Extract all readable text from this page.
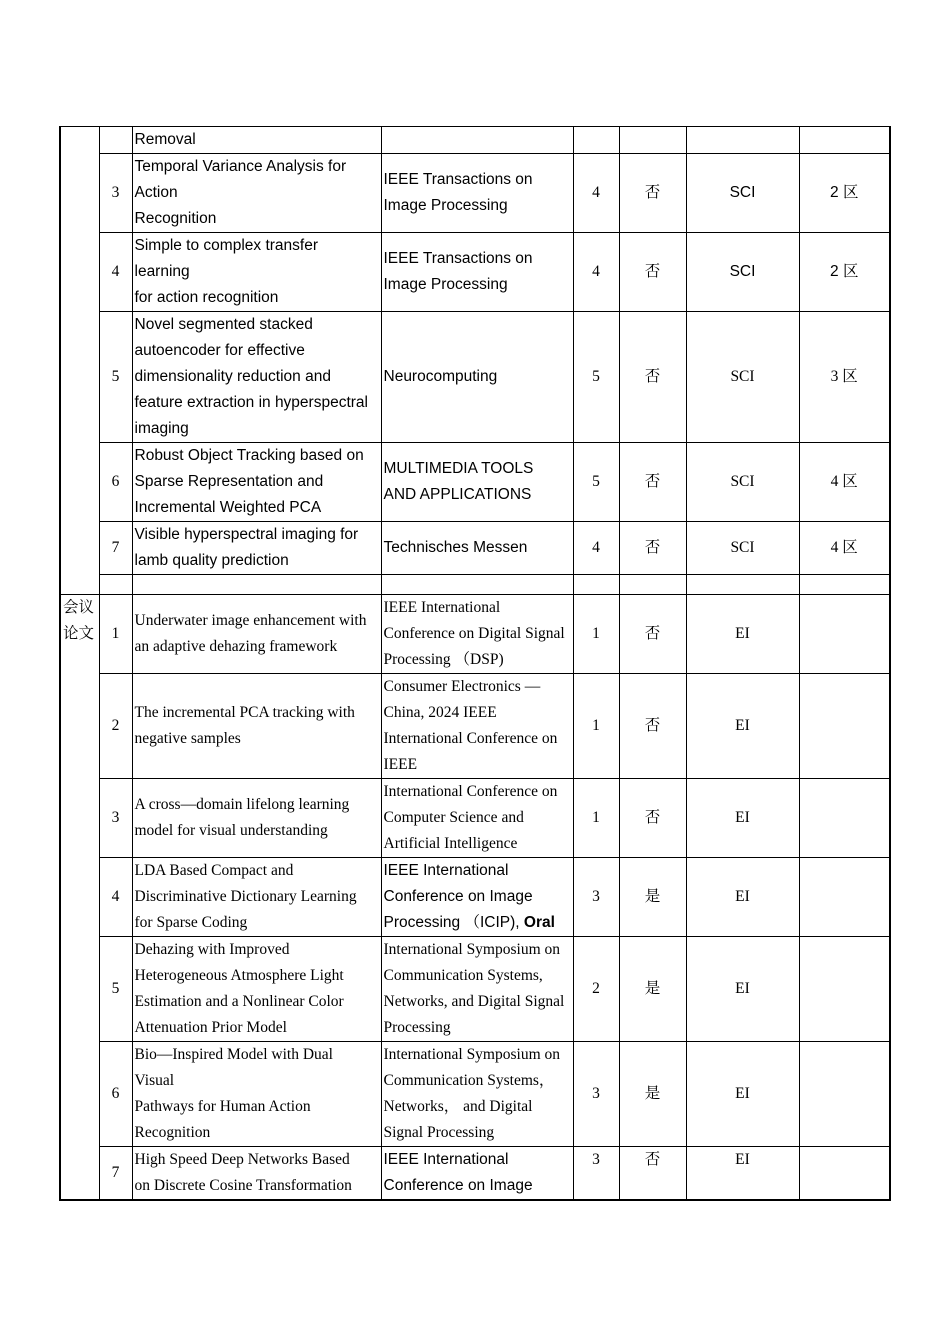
		Removal					
	3	Temporal Variance Analysis for
Action
Recognition	IEEE Transactions on
Image Processing	4	否	SCI	2 区
	4	Simple to complex transfer
learning
for action recognition	IEEE Transactions on
Image Processing	4	否	SCI	2 区
	5	Novel segmented stacked
autoencoder for effective
dimensionality reduction and
feature extraction in hyperspectral
imaging	Neurocomputing	5	否	SCI	3 区
	6	Robust Object Tracking based on
Sparse Representation and
Incremental Weighted PCA	MULTIMEDIA TOOLS
AND APPLICATIONS	5	否	SCI	4 区
	7	Visible hyperspectral imaging for
lamb quality prediction	Technisches Messen	4	否	SCI	4 区

会议
论文	1	Underwater image enhancement with
an adaptive dehazing framework	IEEE International
Conference on Digital Signal
Processing （DSP)	1	否	EI	
	2	The incremental PCA tracking with
negative samples	Consumer Electronics —
China, 2024 IEEE
International Conference on
IEEE	1	否	EI	
	3	A cross—domain lifelong learning
model for visual understanding	International Conference on
Computer Science and
Artificial Intelligence	1	否	EI	
	4	LDA Based Compact and
Discriminative Dictionary Learning
for Sparse Coding	IEEE International
Conference on Image
Processing （ICIP), Oral	3	是	EI	
	5	Dehazing with Improved
Heterogeneous Atmosphere Light
Estimation and a Nonlinear Color
Attenuation Prior Model	International Symposium on
Communication Systems,
Networks, and Digital Signal
Processing	2	是	EI	
	6	Bio—Inspired Model with Dual
Visual
Pathways for Human Action
Recognition	International Symposium on
Communication Systems，
Networks， and Digital
Signal Processing	3	是	EI	
	7	High Speed Deep Networks Based
on Discrete Cosine Transformation	IEEE International
Conference on Image	3	否	EI	
